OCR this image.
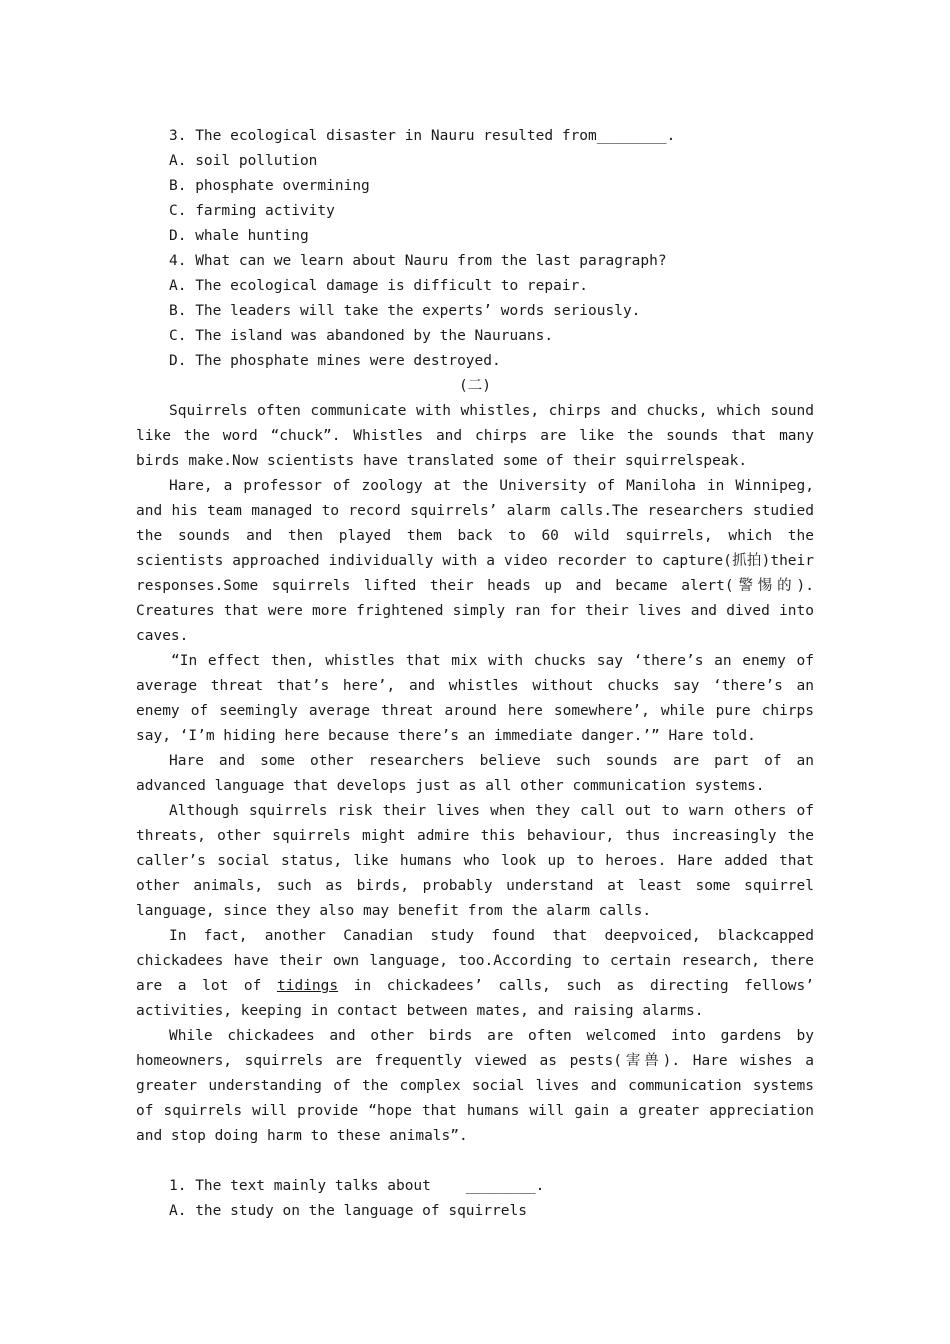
3. The ecological disaster in Nauru resulted from________.
A. soil pollution
B. phosphate overmining
C. farming activity
D. whale hunting
4. What can we learn about Nauru from the last paragraph?
A. The ecological damage is difficult to repair.
B. The leaders will take the experts’ words seriously.
C. The island was abandoned by the Nauruans.
D. The phosphate mines were destroyed.
(二)

Squirrels often communicate with whistles, chirps and chucks, which sound like the word “chuck”. Whistles and chirps are like the sounds that many birds make.Now scientists have translated some of their squirrelspeak.

Hare, a professor of zoology at the University of Maniloha in Winnipeg, and his team managed to record squirrels’ alarm calls.The researchers studied the sounds and then played them back to 60 wild squirrels, which the scientists approached individually with a video recorder to capture(抓拍)their responses.Some squirrels lifted their heads up and became alert(警惕的). Creatures that were more frightened simply ran for their lives and dived into caves.

“In effect then, whistles that mix with chucks say ‘there’s an enemy of average threat that’s here’, and whistles without chucks say ‘there’s an enemy of seemingly average threat around here somewhere’, while pure chirps say, ‘I’m hiding here because there’s an immediate danger.’” Hare told.

Hare and some other researchers believe such sounds are part of an advanced language that develops just as all other communication systems.

Although squirrels risk their lives when they call out to warn others of threats, other squirrels might admire this behaviour, thus increasingly the caller’s social status, like humans who look up to heroes. Hare added that other animals, such as birds, probably understand at least some squirrel language, since they also may benefit from the alarm calls.

In fact, another Canadian study found that deepvoiced, blackcapped chickadees have their own language, too.According to certain research, there are a lot of tidings in chickadees’ calls, such as directing fellows’ activities, keeping in contact between mates, and raising alarms.

While chickadees and other birds are often welcomed into gardens by homeowners, squirrels are frequently viewed as pests(害兽). Hare wishes a greater understanding of the complex social lives and communication systems of squirrels will provide “hope that humans will gain a greater appreciation and stop doing harm to these animals”.

1. The text mainly talks about    ________.
A. the study on the language of squirrels
